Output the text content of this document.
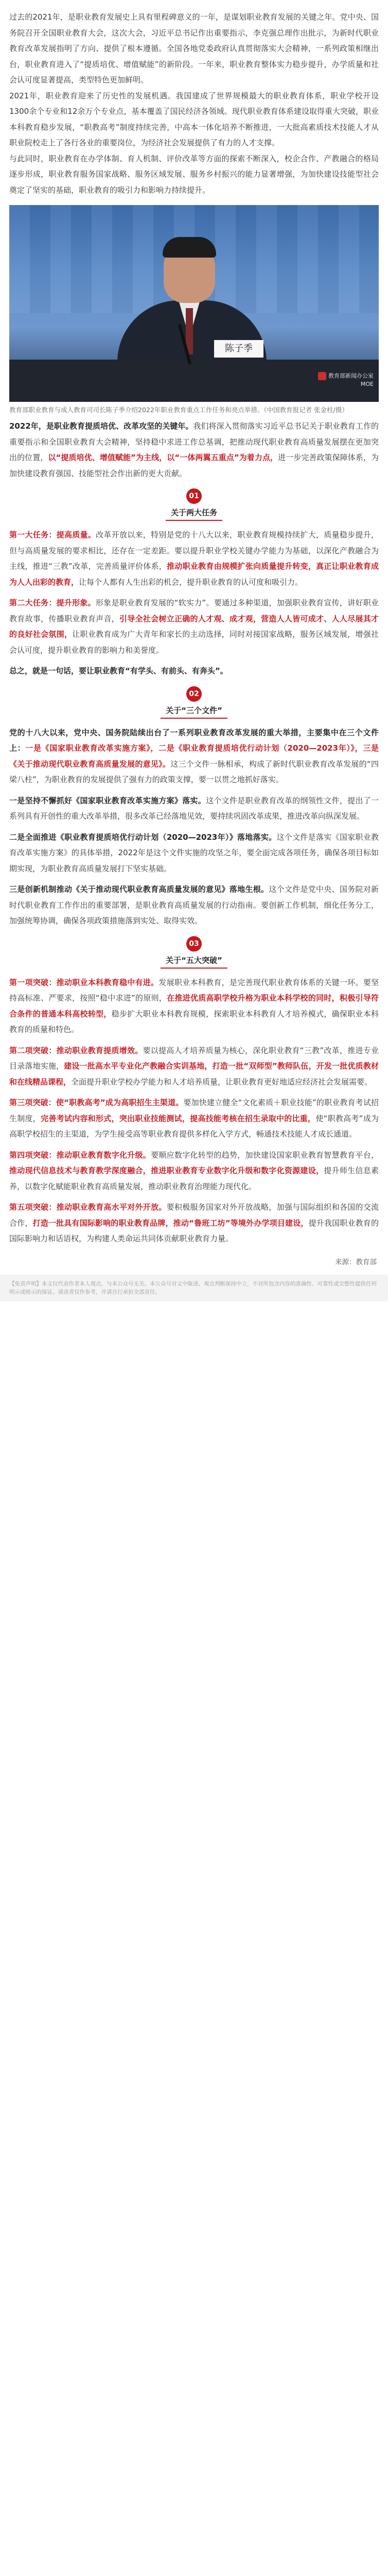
过去的2021年，是职业教育发展史上具有里程碑意义的一年，是谋划职业教育发展的关键之年。党中央、国务院召开全国职业教育大会，这次大会，习近平总书记作出重要指示，李克强总理作出批示，为新时代职业教育改革发展指明了方向、提供了根本遵循。全国各地党委政府认真贯彻落实大会精神，一系列政策相继出台，职业教育进入了“提质培优、增值赋能”的新阶段。一年来，职业教育整体实力稳步提升，办学质量和社会认可度显著提高，类型特色更加鲜明。

2021年，职业教育迎来了历史性的发展机遇。我国建成了世界规模最大的职业教育体系，职业学校开设1300余个专业和12余万个专业点，基本覆盖了国民经济各领域。现代职业教育体系建设取得重大突破，职业本科教育稳步发展，“职教高考”制度持续完善，中高本一体化培养不断推进，一大批高素质技术技能人才从职业院校走上了各行各业的重要岗位，为经济社会发展提供了有力的人才支撑。

与此同时，职业教育在办学体制、育人机制、评价改革等方面的探索不断深入，校企合作、产教融合的格局逐步形成，职业教育服务国家战略、服务区域发展、服务乡村振兴的能力显著增强，为加快建设技能型社会奠定了坚实的基础，职业教育的吸引力和影响力持续提升。

陈子季
教育部新闻办公室
MOE
教育部职业教育与成人教育司司长陈子季介绍2022年职业教育重点工作任务和亮点举措。（中国教育报记者 张金柱/摄）

2022年，是职业教育提质培优、改革攻坚的关键年。我们将深入贯彻落实习近平总书记关于职业教育工作的重要指示和全国职业教育大会精神，坚持稳中求进工作总基调，把推动现代职业教育高质量发展摆在更加突出的位置，以“提质培优、增值赋能”为主线，以“一体两翼五重点”为着力点，进一步完善政策保障体系，为加快建设教育强国、技能型社会作出新的更大贡献。

01
关于两大任务

第一大任务：提高质量。改革开放以来，特别是党的十八大以来，职业教育规模持续扩大，质量稳步提升，但与高质量发展的要求相比，还存在一定差距。要以提升职业学校关键办学能力为基础，以深化产教融合为主线，推进“三教”改革，完善质量评价体系，推动职业教育由规模扩张向质量提升转变，真正让职业教育成为人人出彩的教育，让每个人都有人生出彩的机会，提升职业教育的认可度和吸引力。

第二大任务：提升形象。形象是职业教育发展的“软实力”。要通过多种渠道，加强职业教育宣传，讲好职业教育故事，传播职业教育声音，引导全社会树立正确的人才观、成才观，营造人人皆可成才、人人尽展其才的良好社会氛围，让职业教育成为广大青年和家长的主动选择，同时对接国家战略，服务区域发展，增强社会认可度，提升职业教育的影响力和美誉度。

总之，就是一句话，要让职业教育“有学头、有前头、有奔头”。

02
关于“三个文件”

党的十八大以来，党中央、国务院陆续出台了一系列职业教育改革发展的重大举措，主要集中在三个文件上：一是《国家职业教育改革实施方案》，二是《职业教育提质培优行动计划（2020—2023年）》，三是《关于推动现代职业教育高质量发展的意见》。这三个文件一脉相承，构成了新时代职业教育改革发展的“四梁八柱”，为职业教育的发展提供了强有力的政策支撑，要一以贯之地抓好落实。

一是坚持不懈抓好《国家职业教育改革实施方案》落实。这个文件是职业教育改革的纲领性文件，提出了一系列具有开创性的重大改革举措，很多改革已经落地见效，要持续巩固改革成果，推进改革向纵深发展。

二是全面推进《职业教育提质培优行动计划（2020—2023年）》落地落实。这个文件是落实《国家职业教育改革实施方案》的具体举措，2022年是这个文件实施的攻坚之年，要全面完成各项任务，确保各项目标如期实现，为职业教育高质量发展打下坚实基础。

三是创新机制推动《关于推动现代职业教育高质量发展的意见》落地生根。这个文件是党中央、国务院对新时代职业教育工作作出的重要部署，是职业教育高质量发展的行动指南。要创新工作机制，细化任务分工，加强统筹协调，确保各项政策措施落到实处、取得实效。

03
关于“五大突破”

第一项突破：推动职业本科教育稳中有进。发展职业本科教育，是完善现代职业教育体系的关键一环。要坚持高标准、严要求，按照“稳中求进”的原则，在推进优质高职学校升格为职业本科学校的同时，积极引导符合条件的普通本科高校转型，稳步扩大职业本科教育规模，探索职业本科教育人才培养模式，确保职业本科教育的质量和特色。

第二项突破：推动职业教育提质增效。要以提高人才培养质量为核心，深化职业教育“三教”改革，推进专业目录落地实施，建设一批高水平专业化产教融合实训基地，打造一批“双师型”教师队伍，开发一批优质教材和在线精品课程，全面提升职业学校办学能力和人才培养质量，让职业教育更好地适应经济社会发展需要。

第三项突破：使“职教高考”成为高职招生主渠道。要加快建立健全“文化素质＋职业技能”的职业教育考试招生制度，完善考试内容和形式，突出职业技能测试，提高技能考核在招生录取中的比重，使“职教高考”成为高职学校招生的主渠道，为学生接受高等职业教育提供多样化入学方式，畅通技术技能人才成长通道。

第四项突破：推动职业教育数字化升级。要顺应数字化转型的趋势，加快建设国家职业教育智慧教育平台，推动现代信息技术与教育教学深度融合，推进职业教育专业数字化升级和数字化资源建设，提升师生信息素养，以数字化赋能职业教育高质量发展，推动职业教育治理能力现代化。

第五项突破：推动职业教育高水平对外开放。要积极服务国家对外开放战略，加强与国际组织和各国的交流合作，打造一批具有国际影响的职业教育品牌，推动“鲁班工坊”等境外办学项目建设，提升我国职业教育的国际影响力和话语权，为构建人类命运共同体贡献职业教育力量。

来源：教育部
【免责声明】本文仅代表作者本人观点，与本公众号无关。本公众号对文中陈述、观点判断保持中立，不对所包含内容的准确性、可靠性或完整性提供任何明示或暗示的保证。请读者仅作参考，并请自行承担全部责任。
